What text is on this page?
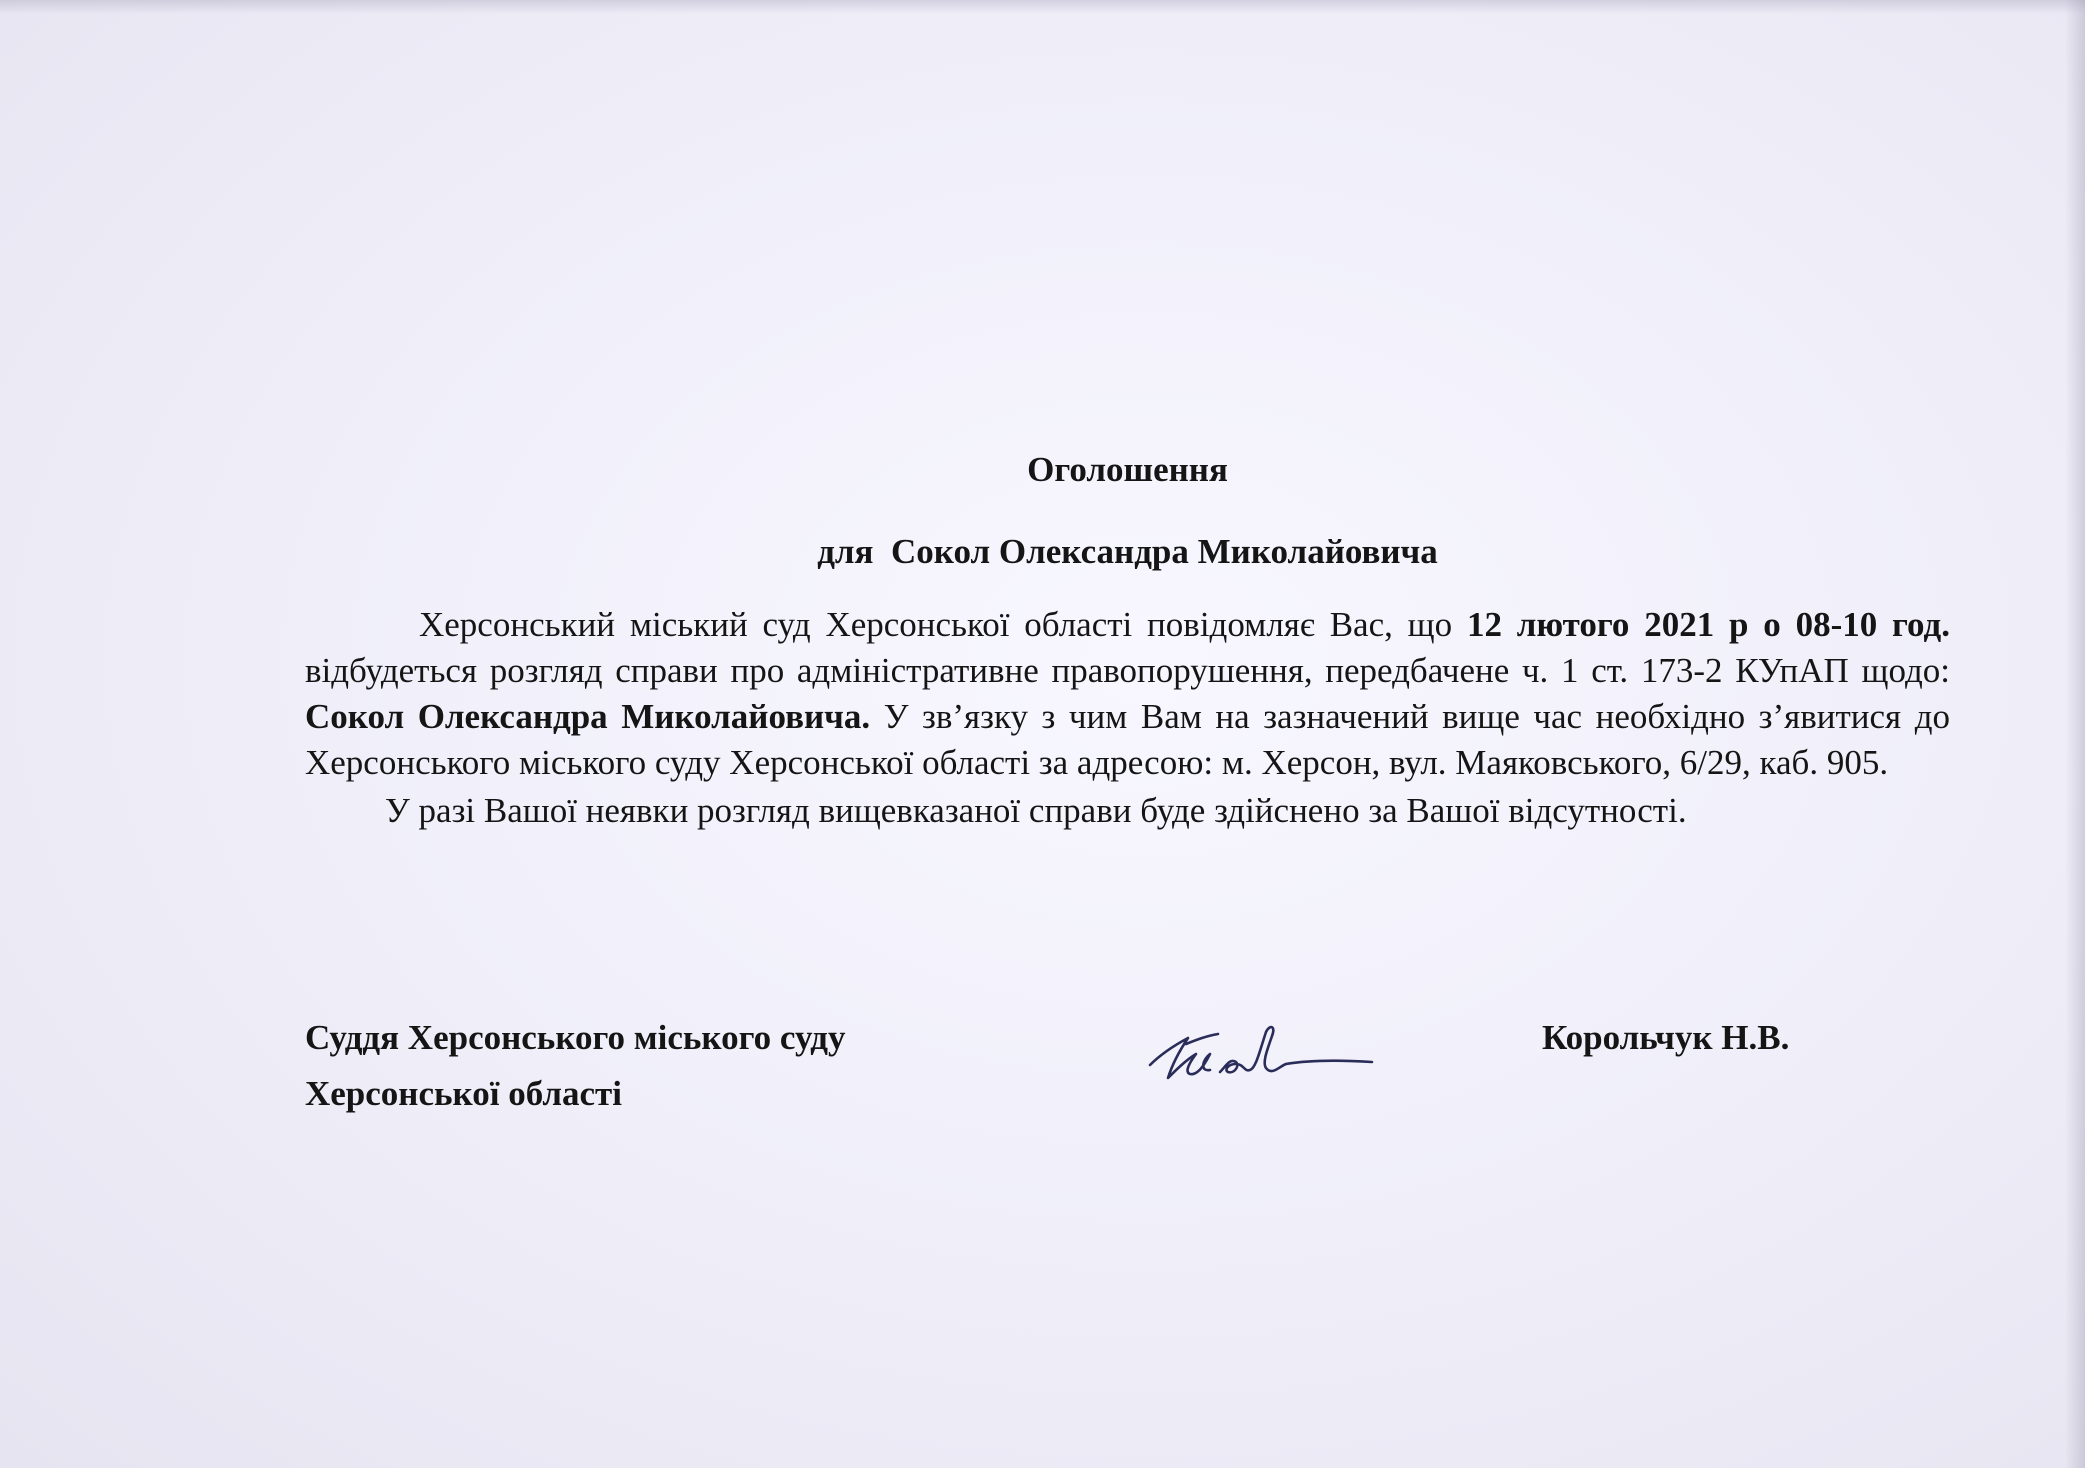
Оголошення
для Сокол Олександра Миколайовича

Херсонський міський суд Херсонської області повідомляє Вас, що 12 лютого 2021 р о 08-10 год. відбудеться розгляд справи про адміністративне правопорушення, передбачене ч. 1 ст. 173-2 КУпАП щодо: Сокол Олександра Миколайовича. У зв’язку з чим Вам на зазначений вище час необхідно з’явитися до Херсонського міського суду Херсонської області за адресою: м. Херсон, вул. Маяковського, 6/29, каб. 905.

У разі Вашої неявки розгляд вищевказаної справи буде здійснено за Вашої відсутності.

Суддя Херсонського міського суду
Херсонської області
Корольчук Н.В.
